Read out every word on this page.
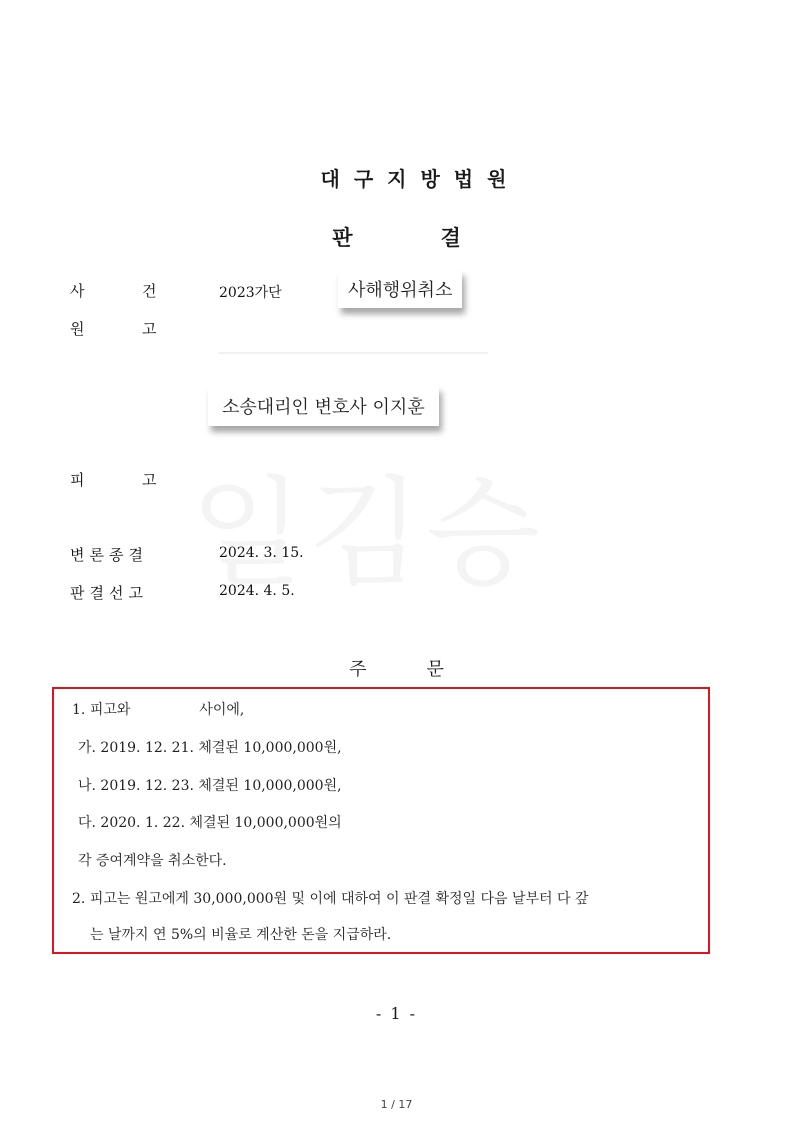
대구지방법원
판	결
사	건	2023가단	사해행위취소
원	고
소송대리인 변호사 이지훈
피	고
변론종결	2024. 3. 15.
판결선고	2024. 4. 5.
주	문
1. 피고와	사이에,
가. 2019. 12. 21. 체결된 10,000,000원,
나. 2019. 12. 23. 체결된 10,000,000원,
다. 2020. 1. 22. 체결된 10,000,000원의
각 증여계약을 취소한다.
2. 피고는 원고에게 30,000,000원 및 이에 대하여 이 판결 확정일 다음 날부터 다 갚
는 날까지 연 5%의 비율로 계산한 돈을 지급하라.
- 1 -
1 / 17
